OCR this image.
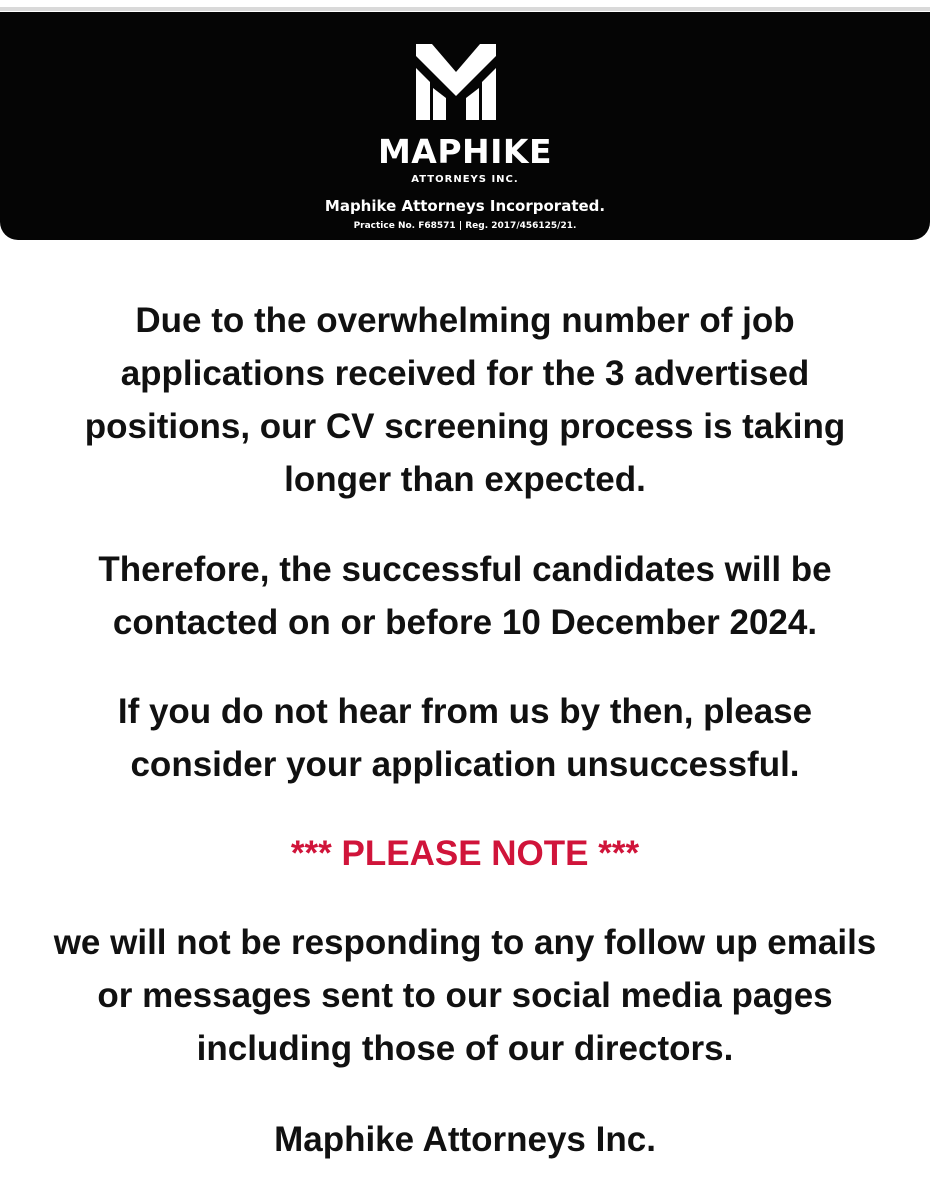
MAPHIKE
ATTORNEYS INC.
Maphike Attorneys Incorporated.
Practice No. F68571 | Reg. 2017/456125/21.
Due to the overwhelming number of job applications received for the 3 advertised positions, our CV screening process is taking longer than expected.
Therefore, the successful candidates will be contacted on or before 10 December 2024.
If you do not hear from us by then, please consider your application unsuccessful.
*** PLEASE NOTE ***
we will not be responding to any follow up emails or messages sent to our social media pages including those of our directors.
Maphike Attorneys Inc.
